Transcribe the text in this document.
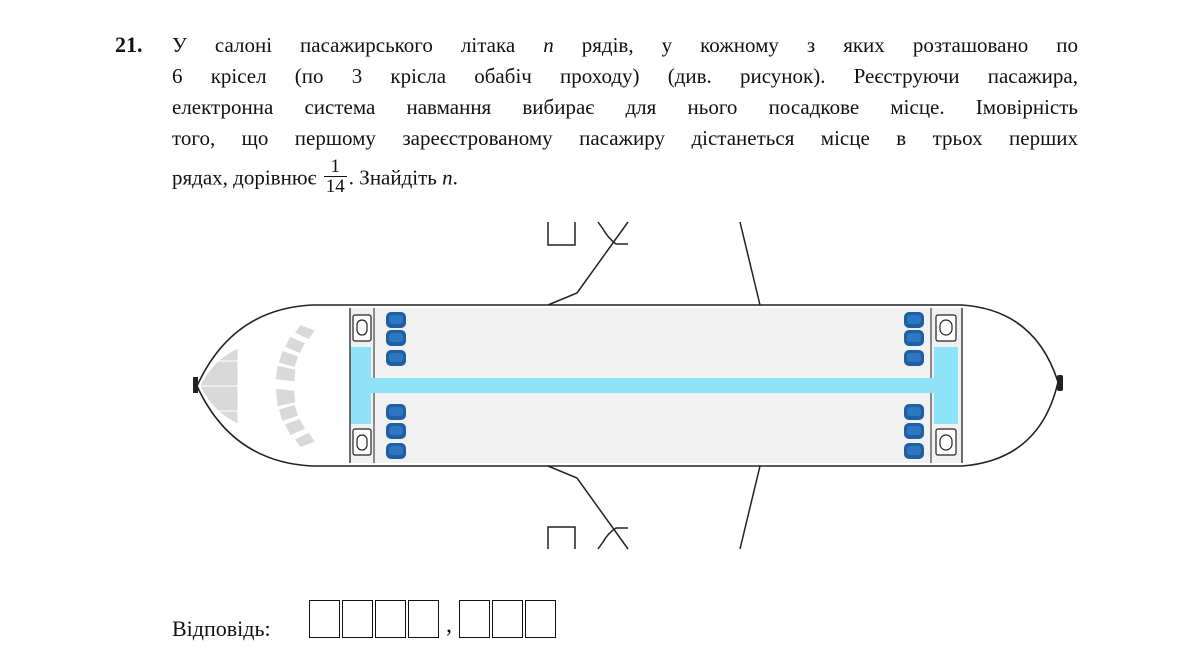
21. У салоні пасажирського літака n рядів, у кожному з яких розташовано по
6 крісел (по 3 крісла обабіч проходу) (див. рисунок). Реєструючи пасажира,
електронна система навмання вибирає для нього посадкове місце. Імовірність
того, що першому зареєстрованому пасажиру дістанеться місце в трьох перших
рядах, дорівнює $\frac{1}{14}$ . Знайдіть n.
Відповідь:	,
